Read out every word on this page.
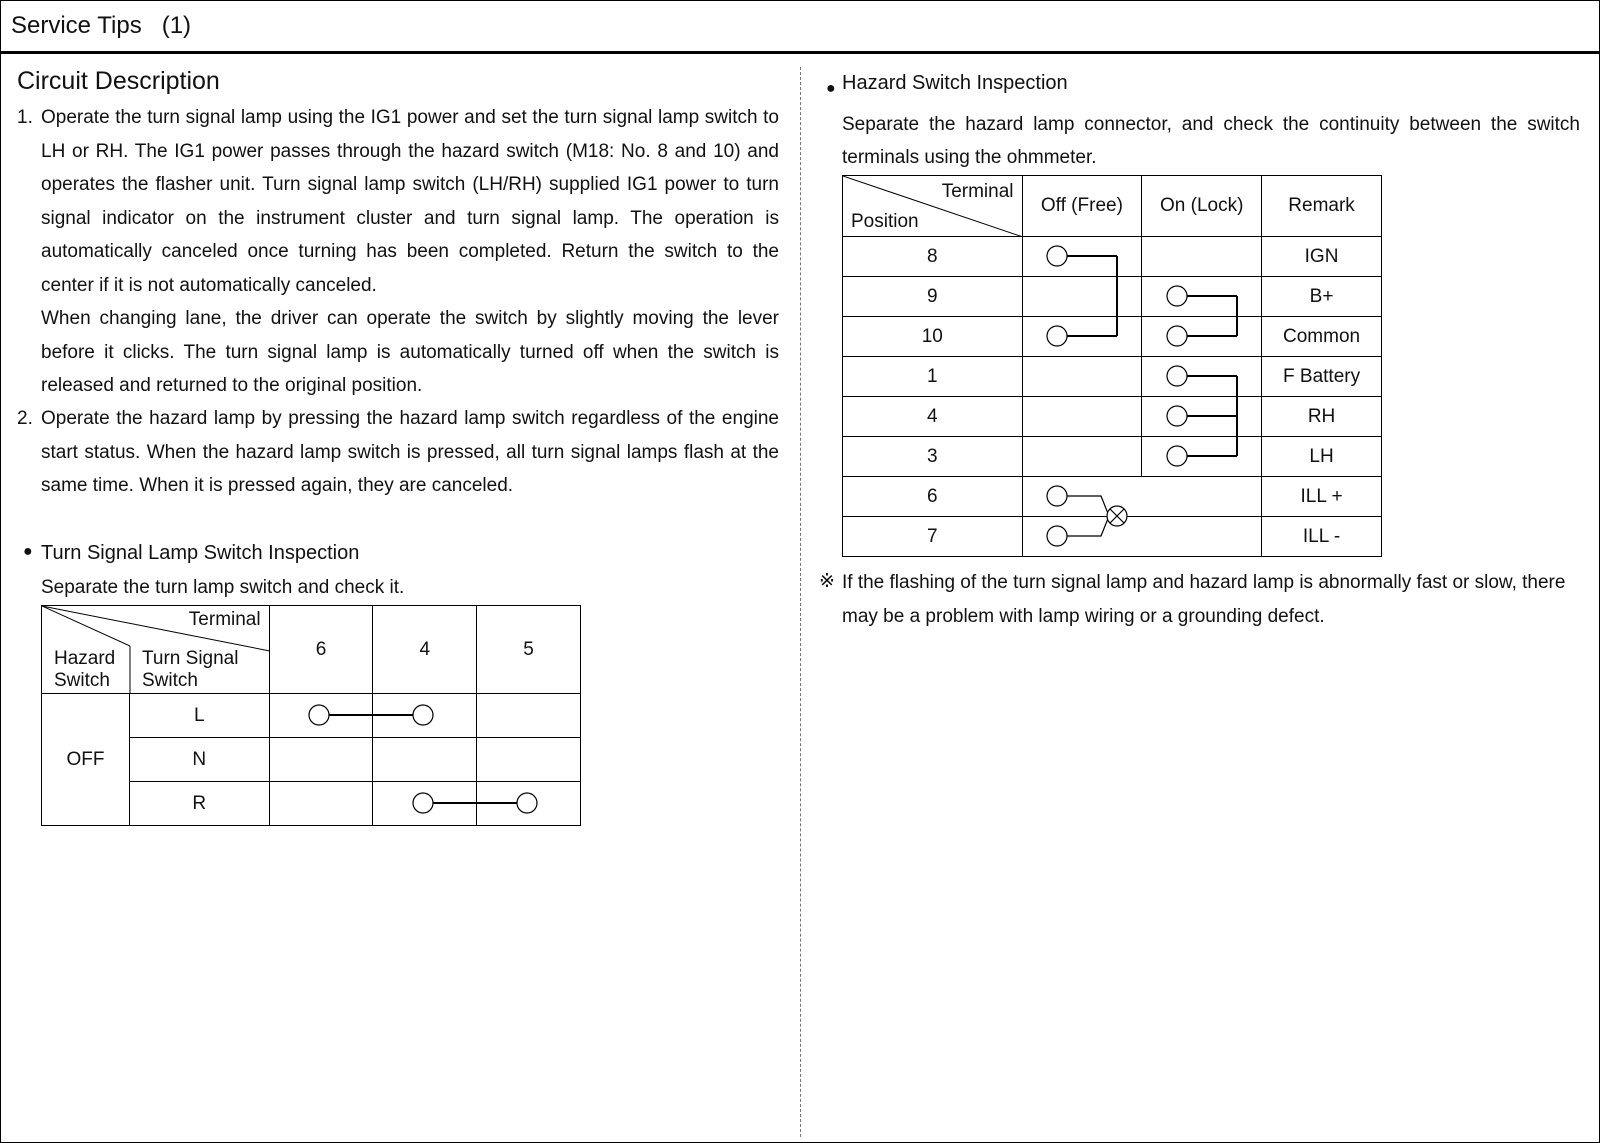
Service Tips   (1)
Circuit Description
1. Operate the turn signal lamp using the IG1 power and set the turn signal lamp switch to LH or RH. The IG1 power passes through the hazard switch (M18: No. 8 and 10) and operates the flasher unit. Turn signal lamp switch (LH/RH) supplied IG1 power to turn signal indicator on the instrument cluster and turn signal lamp. The operation is automatically canceled once turning has been completed. Return the switch to the center if it is not automatically canceled.
When changing lane, the driver can operate the switch by slightly moving the lever before it clicks. The turn signal lamp is automatically turned off when the switch is released and returned to the original position.
2. Operate the hazard lamp by pressing the hazard lamp switch regardless of the engine start status. When the hazard lamp switch is pressed, all turn signal lamps flash at the same time. When it is pressed again, they are canceled.
● Turn Signal Lamp Switch Inspection
Separate the turn lamp switch and check it.
Terminal
Hazard
Switch
Turn Signal
Switch		6	4	5
OFF	L			
	N			
	R			
● Hazard Switch Inspection
Separate the hazard lamp connector, and check the continuity between the switch terminals using the ohmmeter.
Terminal
Position	Off (Free)	On (Lock)	Remark
8			IGN
9			B+
10			Common
1			F Battery
4			RH
3			LH
6			ILL +
7			ILL -
※ If the flashing of the turn signal lamp and hazard lamp is abnormally fast or slow, there may be a problem with lamp wiring or a grounding defect.
